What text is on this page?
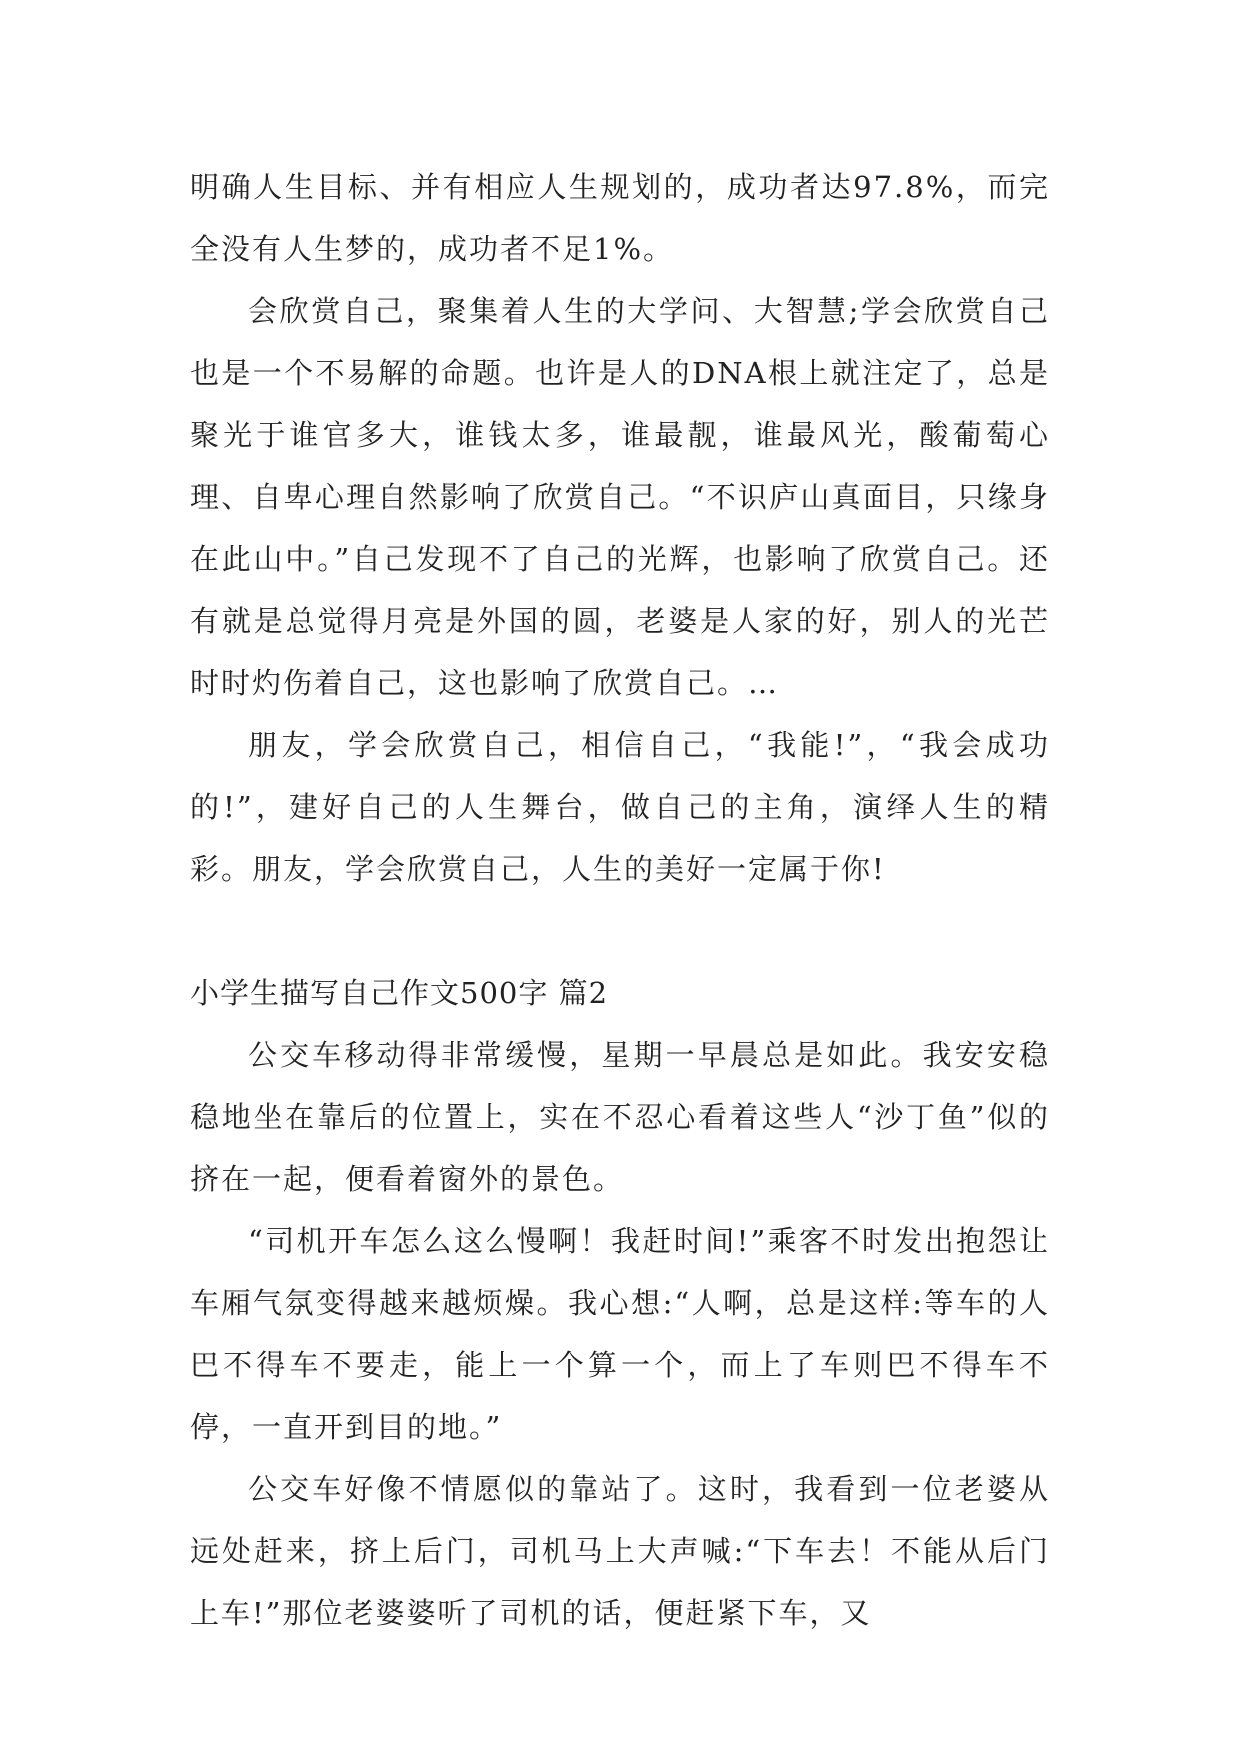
明确人生目标、并有相应人生规划的，成功者达97.8%，而完全没有人生梦的，成功者不足1%。

会欣赏自己，聚集着人生的大学问、大智慧;学会欣赏自己也是一个不易解的命题。也许是人的DNA根上就注定了，总是聚光于谁官多大，谁钱太多，谁最靓，谁最风光，酸葡萄心理、自卑心理自然影响了欣赏自己。“不识庐山真面目，只缘身在此山中。”自己发现不了自己的光辉，也影响了欣赏自己。还有就是总觉得月亮是外国的圆，老婆是人家的好，别人的光芒时时灼伤着自己，这也影响了欣赏自己。…

朋友，学会欣赏自己，相信自己，“我能!”，“我会成功的!”，建好自己的人生舞台，做自己的主角，演绎人生的精彩。朋友，学会欣赏自己，人生的美好一定属于你!

小学生描写自己作文500字 篇2

公交车移动得非常缓慢，星期一早晨总是如此。我安安稳稳地坐在靠后的位置上，实在不忍心看着这些人“沙丁鱼”似的挤在一起，便看着窗外的景色。

“司机开车怎么这么慢啊！我赶时间!”乘客不时发出抱怨让车厢气氛变得越来越烦燥。我心想:“人啊，总是这样:等车的人巴不得车不要走，能上一个算一个，而上了车则巴不得车不停，一直开到目的地。”

公交车好像不情愿似的靠站了。这时，我看到一位老婆从远处赶来，挤上后门，司机马上大声喊:“下车去！不能从后门上车!”那位老婆婆听了司机的话，便赶紧下车，又
